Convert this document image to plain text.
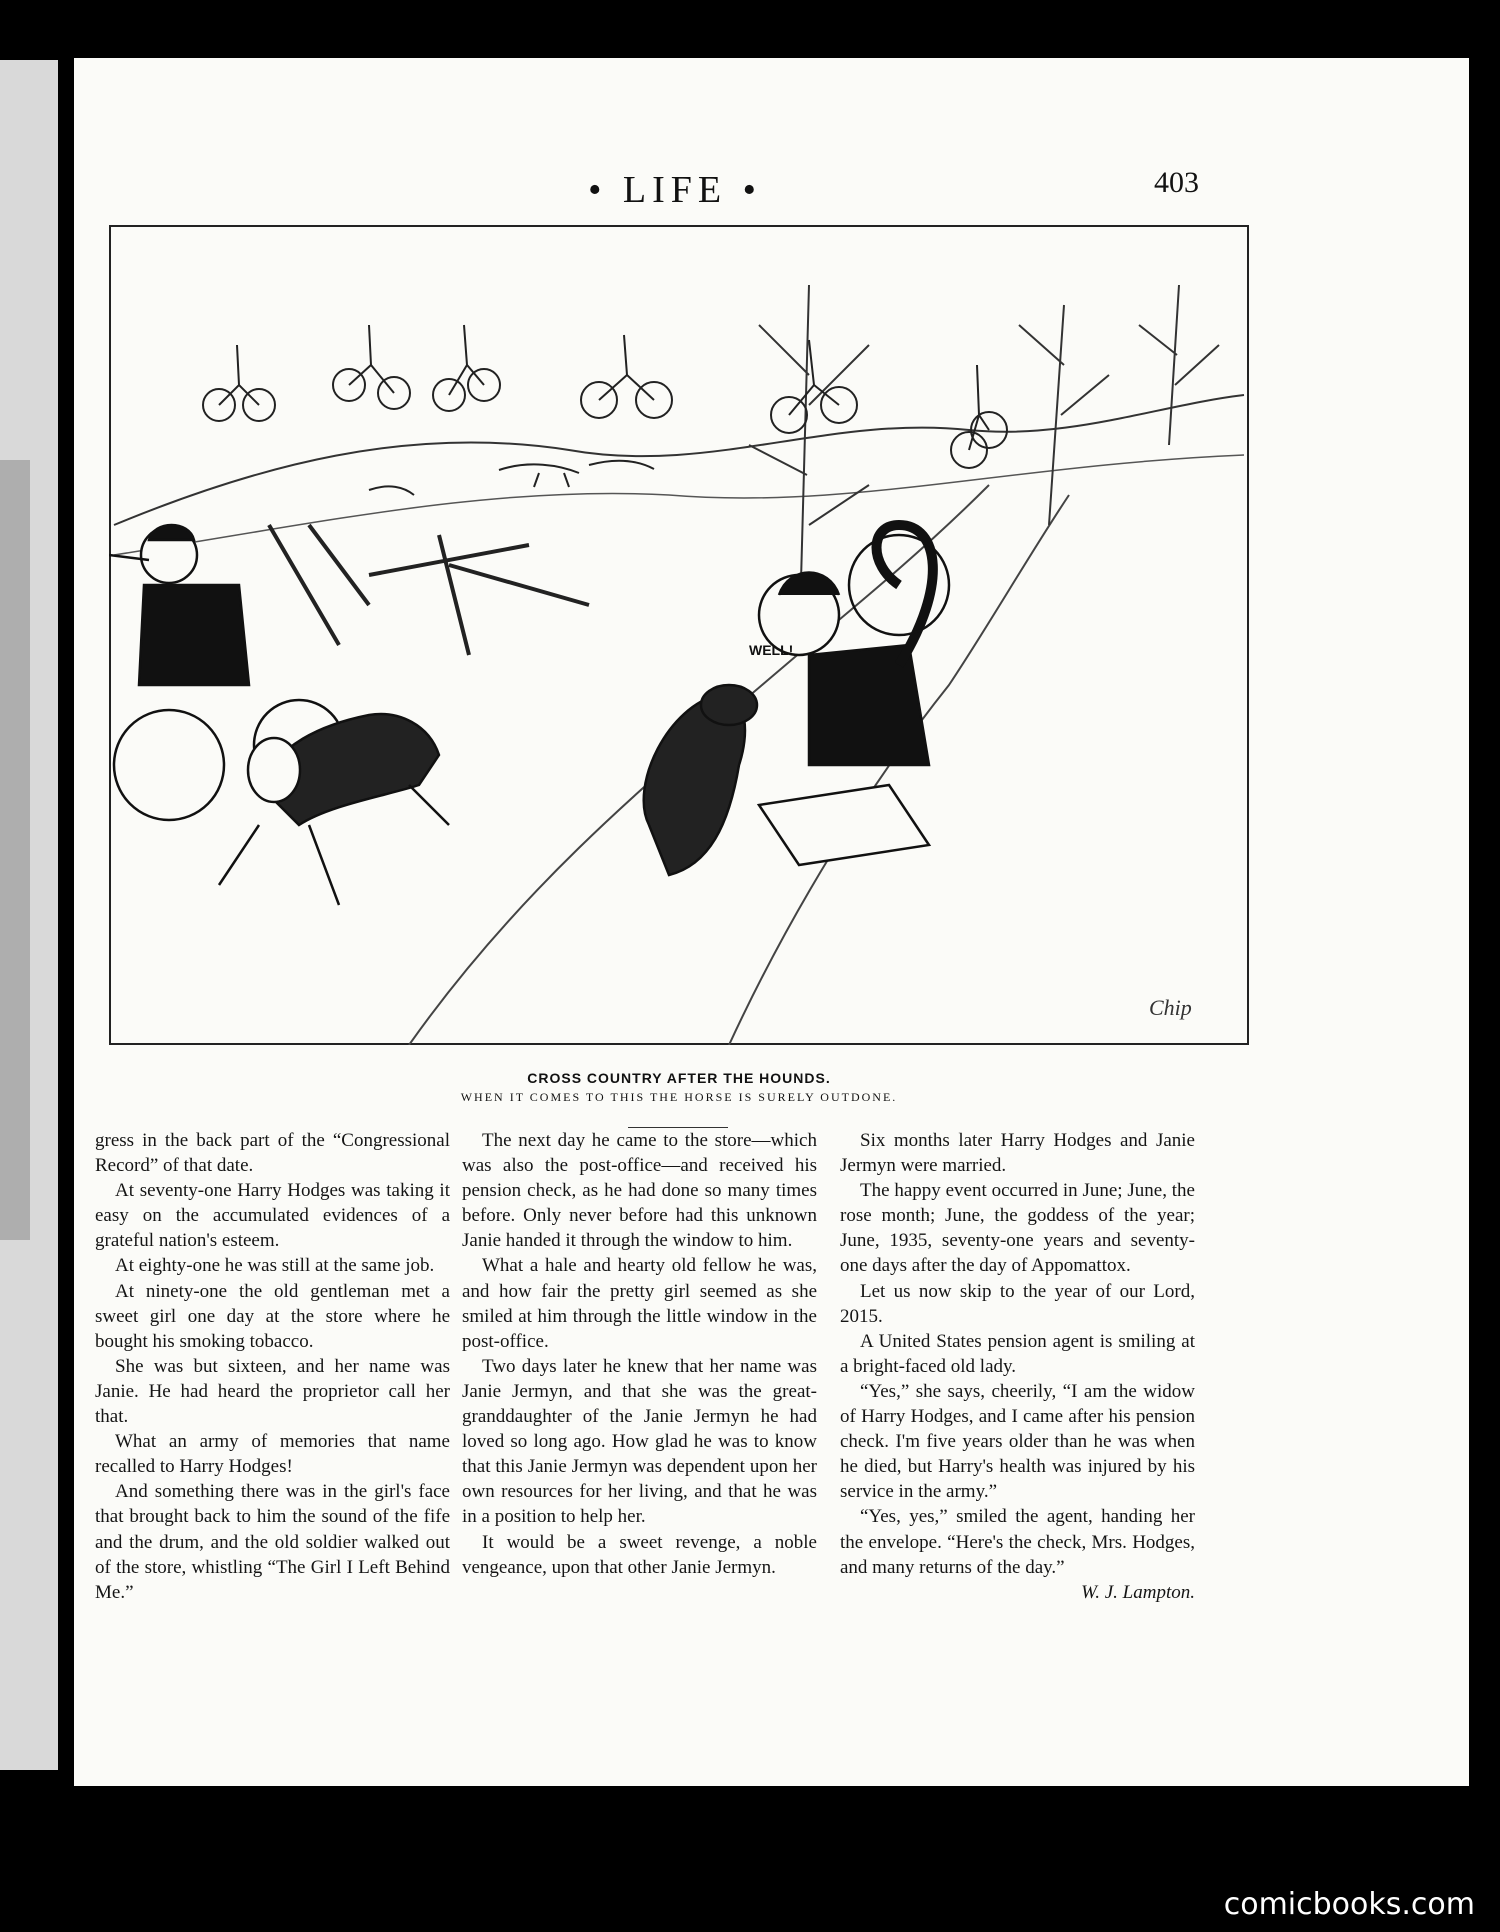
• LIFE •	403
WELL!
Chip
CROSS COUNTRY AFTER THE HOUNDS.
WHEN IT COMES TO THIS THE HORSE IS SURELY OUTDONE.

gress in the back part of the “Congressional Record” of that date.

At seventy-one Harry Hodges was taking it easy on the accumulated evidences of a grateful nation's esteem.

At eighty-one he was still at the same job.

At ninety-one the old gentleman met a sweet girl one day at the store where he bought his smoking tobacco.

She was but sixteen, and her name was Janie. He had heard the proprietor call her that.

What an army of memories that name recalled to Harry Hodges!

And something there was in the girl's face that brought back to him the sound of the fife and the drum, and the old soldier walked out of the store, whistling “The Girl I Left Behind Me.”

The next day he came to the store—which was also the post-office—and received his pension check, as he had done so many times before. Only never before had this unknown Janie handed it through the window to him.

What a hale and hearty old fellow he was, and how fair the pretty girl seemed as she smiled at him through the little window in the post-office.

Two days later he knew that her name was Janie Jermyn, and that she was the great-granddaughter of the Janie Jermyn he had loved so long ago. How glad he was to know that this Janie Jermyn was dependent upon her own resources for her living, and that he was in a position to help her.

It would be a sweet revenge, a noble vengeance, upon that other Janie Jermyn.

Six months later Harry Hodges and Janie Jermyn were married.

The happy event occurred in June; June, the rose month; June, the goddess of the year; June, 1935, seventy-one years and seventy-one days after the day of Appomattox.

Let us now skip to the year of our Lord, 2015.

A United States pension agent is smiling at a bright-faced old lady.

“Yes,” she says, cheerily, “I am the widow of Harry Hodges, and I came after his pension check. I'm five years older than he was when he died, but Harry's health was injured by his service in the army.”

“Yes, yes,” smiled the agent, handing her the envelope. “Here's the check, Mrs. Hodges, and many returns of the day.”

W. J. Lampton.

comicbooks.com
